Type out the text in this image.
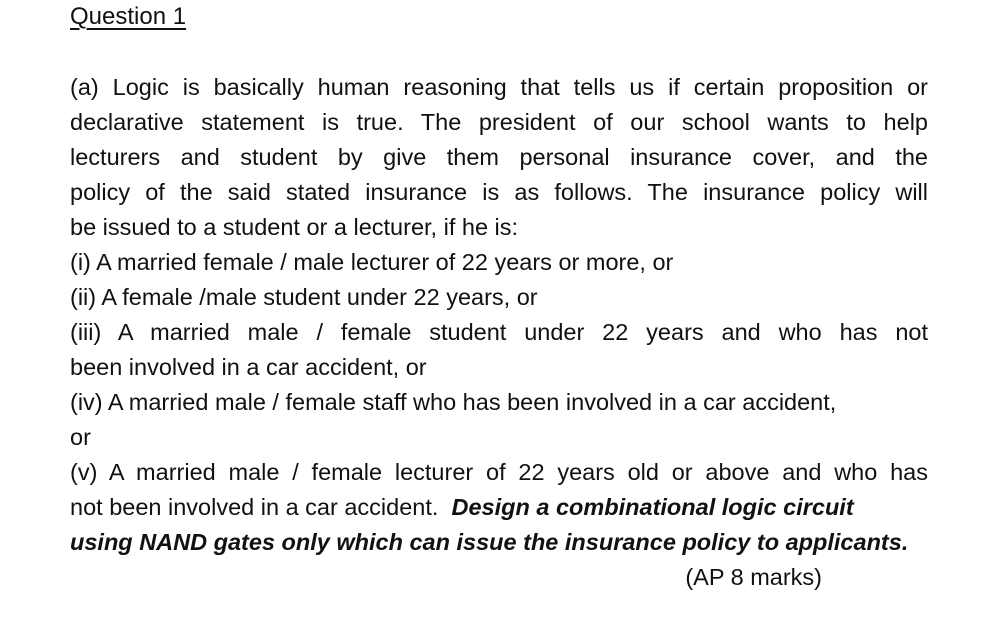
Question 1
(a) Logic is basically human reasoning that tells us if certain proposition or
declarative statement is true. The president of our school wants to help
lecturers and student by give them personal insurance cover, and the
policy of the said stated insurance is as follows. The insurance policy will
be issued to a student or a lecturer, if he is:
(i) A married female / male lecturer of 22 years or more, or
(ii) A female /male student under 22 years, or
(iii) A married male / female student under 22 years and who has not
been involved in a car accident, or
(iv) A married male / female staff who has been involved in a car accident,
or
(v) A married male / female lecturer of 22 years old or above and who has
not been involved in a car accident. Design a combinational logic circuit
using NAND gates only which can issue the insurance policy to applicants.
(AP 8 marks)
